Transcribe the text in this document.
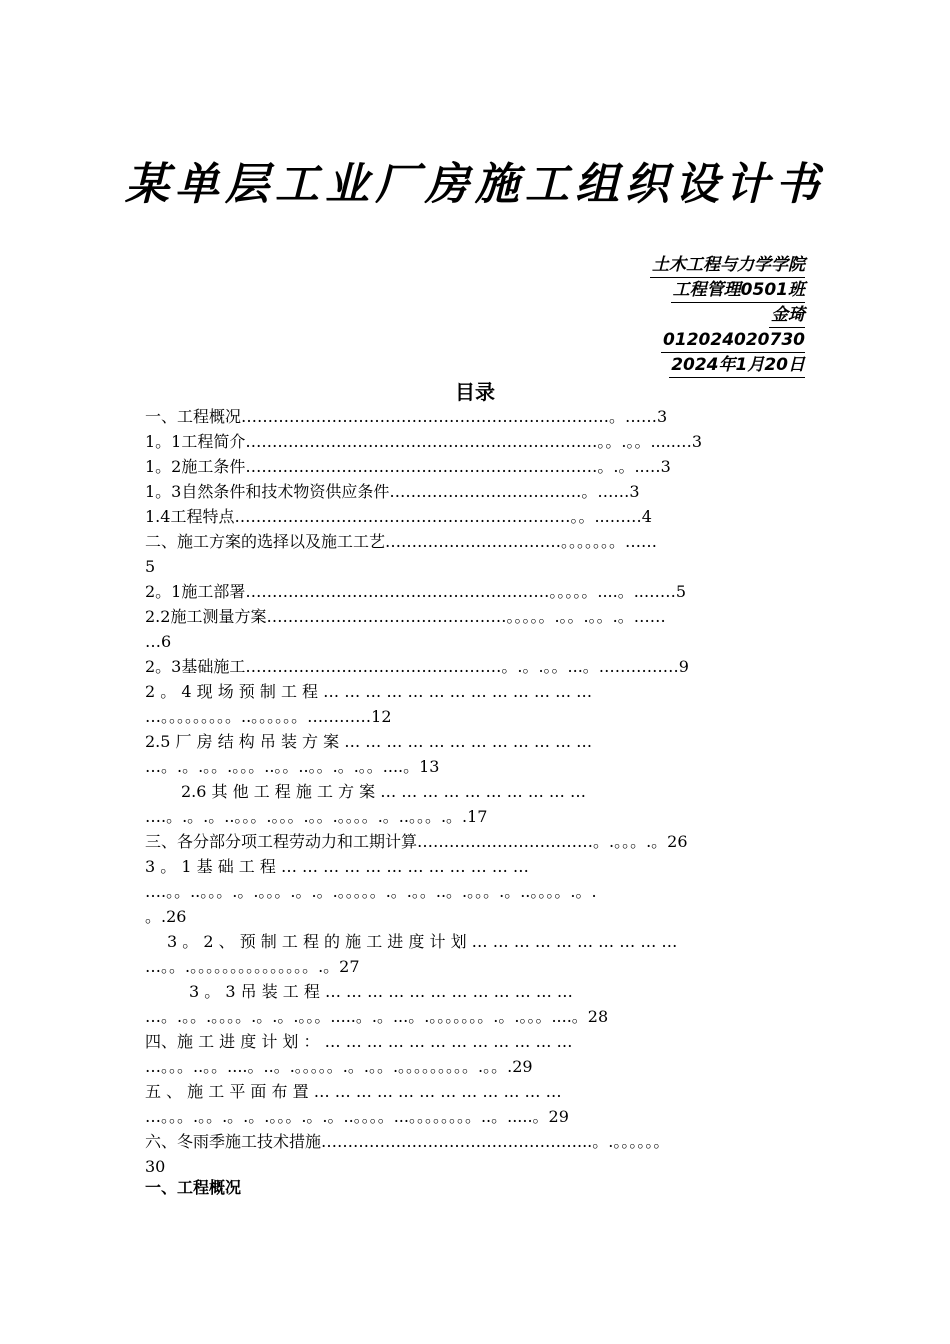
某单层工业厂房施工组织设计书
土木工程与力学学院
工程管理0501班
金琦
012024020730
2024年1月20日
目录
一、工程概况……………………………………………………………。……3
1。1工程简介…………………………………………………………。。.。。.....…3
1。2施工条件…………………………………………………………。.。..…3
1。3自然条件和技术物资供应条件………………………………。……3
1.4工程特点………………………………………………………。。...……4
二、施工方案的选择以及施工工艺……………………………。。。。。。。……
5
2。1施工部署…………………………………………………。。。。。....。..……5
2.2施工测量方案………………………………………。。。。。.。。.。。.。……
…6
2。3基础施工…………………………………………。.。.。。...。……………9
2 。 4 现 场 预 制 工 程 … … … … … … … … … … … … …
…。。。。。。。。。..。。。。。。…………12
2.5 厂 房 结 构 吊 装 方 案 … … … … … … … … … … … …
…。.。.。。.。。。..。。..。。.。.。。....。13
2.6 其 他 工 程 施 工 方 案 … … … … … … … … … …
….。.。.。..。。。.。。。.。。.。。。。.。..。。。.。.17
三、各分部分项工程劳动力和工期计算……………………………。.。。。.。26
3 。 1 基 础 工 程 … … … … … … … … … … … …
….。。..。。。.。.。。。.。.。.。。。。。.。.。。..。.。。。.。..。。。。.。.
。.26
3 。 2 、 预 制 工 程 的 施 工 进 度 计 划 … … … … … … … … … …
…。。.。。。。。。。。。。。。。。。.。27
3 。 3 吊 装 工 程 … … … … … … … … … … … …
…。.。。.。。。。.。.。.。。。.....。.。...。.。。。。。。。.。.。。。....。28
四、施 工 进 度 计 划 ： … … … … … … … … … … … …
…。。。..。。....。..。.。。。。。.。.。。.。。。。。。。。。.。。.29
五 、 施 工 平 面 布 置 … … … … … … … … … … … …
…。。。.。。.。.。.。。。.。.。..。。。。...。。。。。。。。..。.....。29
六、冬雨季施工技术措施…………………………………………...。.。。。。。。
30
一、工程概况
